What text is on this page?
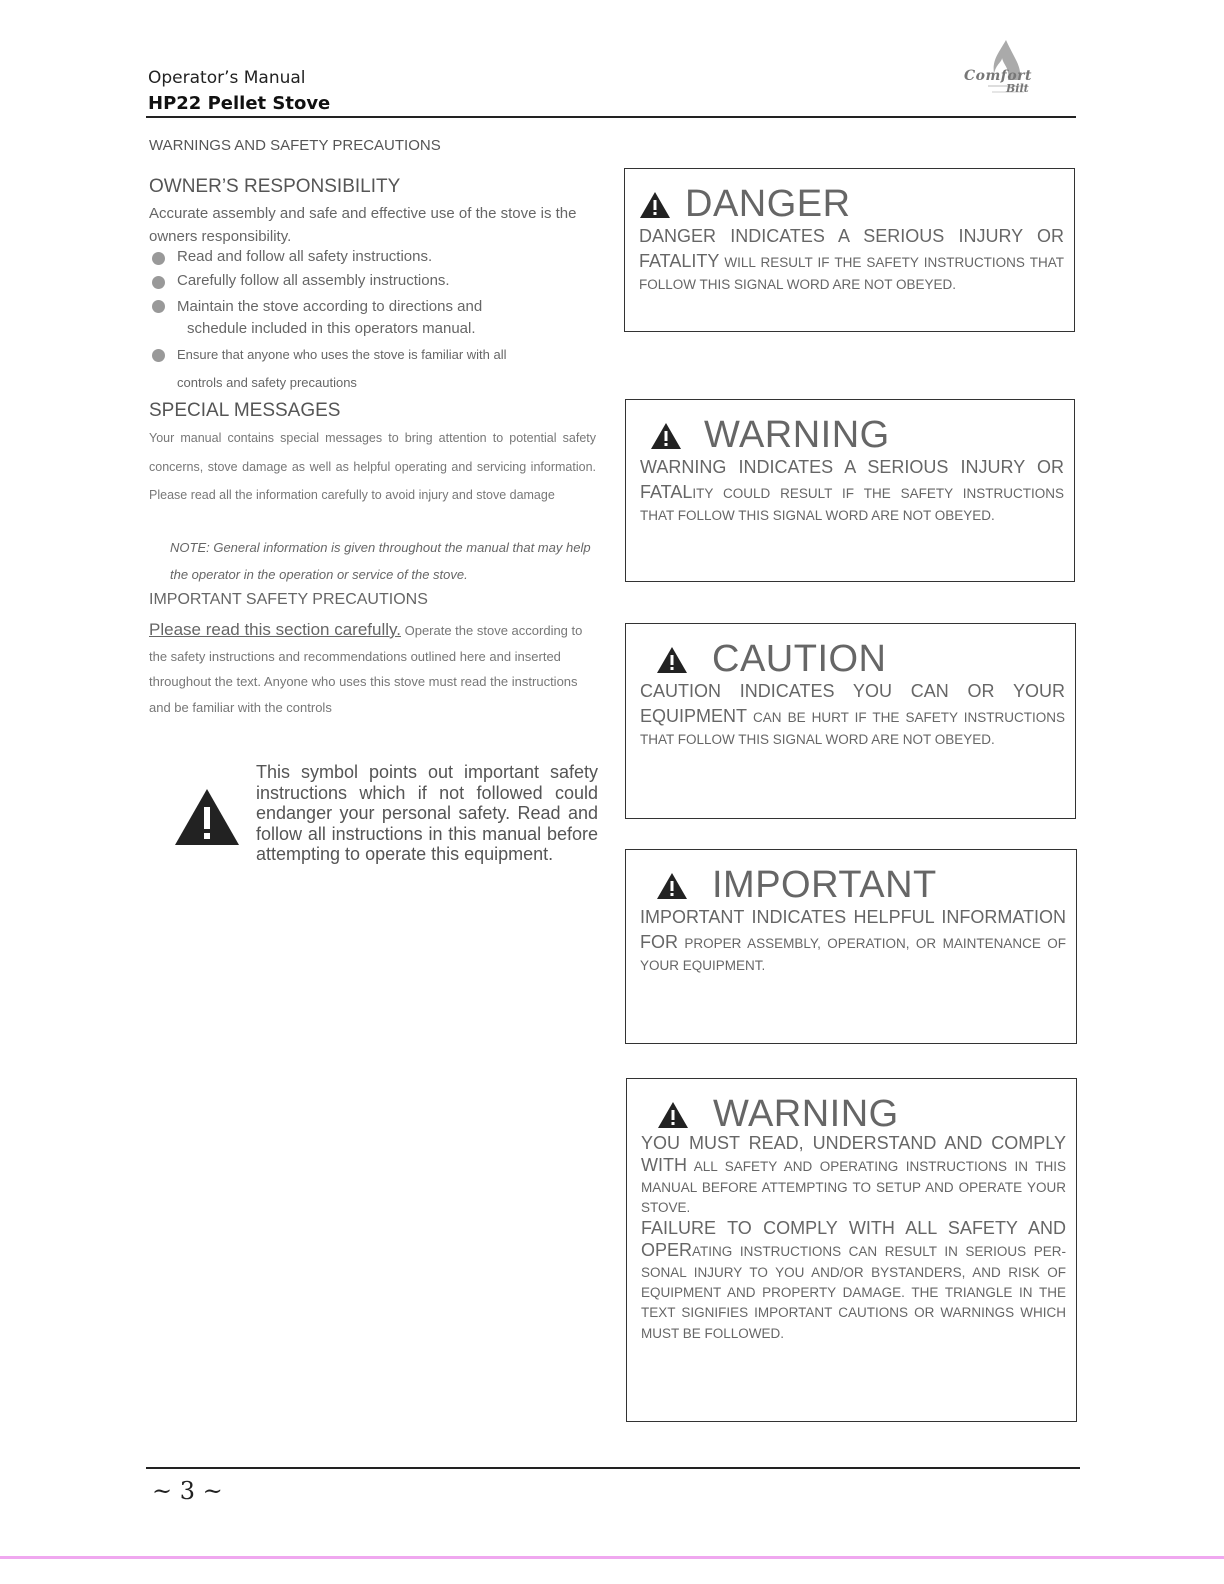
Operator’s Manual
HP22 Pellet Stove
Comfort
Bilt
WARNINGS AND SAFETY PRECAUTIONS
OWNER’S RESPONSIBILITY
Accurate assembly and safe and effective use of the stove is the owners responsibility.
Read and follow all safety instructions.
Carefully follow all assembly instructions.
Maintain the stove according to directions and
schedule included in this operators manual.
Ensure that anyone who uses the stove is familiar with all
controls and safety precautions
SPECIAL MESSAGES
Your manual contains special messages to bring attention to potential safety concerns, stove damage as well as helpful operating and servicing information. Please read all the information carefully to avoid injury and stove damage
NOTE: General information is given throughout the manual that may help the operator in the operation or service of the stove.
IMPORTANT SAFETY PRECAUTIONS
Please read this section carefully. Operate the stove according to the safety instructions and recommendations outlined here and inserted throughout the text. Anyone who uses this stove must read the instructions and be familiar with the controls
This symbol points out important safety instructions which if not followed could endanger your personal safety. Read and follow all instructions in this manual before attempting to operate this equipment.
DANGER
DANGER INDICATES A SERIOUS INJURY OR FATALITY WILL RESULT IF THE SAFETY INSTRUCTIONS THAT FOLLOW THIS SIGNAL WORD ARE NOT OBEYED.
WARNING
WARNING INDICATES A SERIOUS INJURY OR FATALITY COULD RESULT IF THE SAFETY INSTRUCTIONS THAT FOLLOW THIS SIGNAL WORD ARE NOT OBEYED.
CAUTION
CAUTION INDICATES YOU CAN OR YOUR EQUIPMENT CAN BE HURT IF THE SAFETY INSTRUCTIONS THAT FOLLOW THIS SIGNAL WORD ARE NOT OBEYED.
IMPORTANT
IMPORTANT INDICATES HELPFUL INFORMATION FOR PROPER ASSEMBLY, OPERATION, OR MAINTENANCE OF YOUR EQUIPMENT.
WARNING
YOU MUST READ, UNDERSTAND AND COMPLY WITH ALL SAFETY AND OPERATING INSTRUCTIONS IN THIS MANUAL BEFORE ATTEMPTING TO SETUP AND OPERATE YOUR STOVE.
FAILURE TO COMPLY WITH ALL SAFETY AND OPERATING INSTRUCTIONS CAN RESULT IN SERIOUS PER- SONAL INJURY TO YOU AND/OR BYSTANDERS, AND RISK OF EQUIPMENT AND PROPERTY DAMAGE. THE TRIANGLE IN THE TEXT SIGNIFIES IMPORTANT CAUTIONS OR WARNINGS WHICH MUST BE FOLLOWED.
~ 3 ~
